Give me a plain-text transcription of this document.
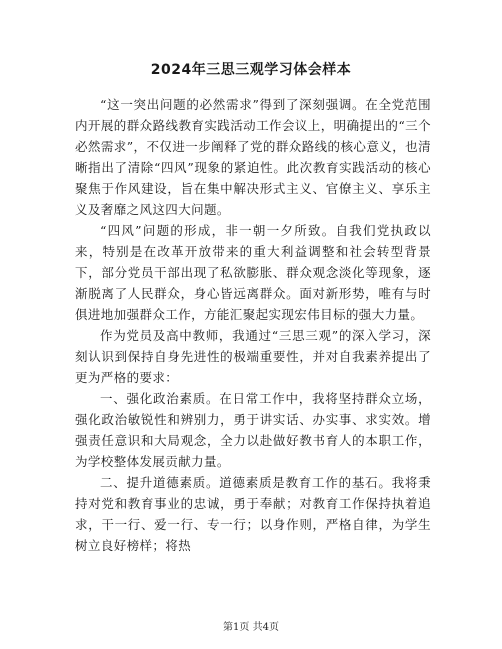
2024年三思三观学习体会样本

“这一突出问题的必然需求”得到了深刻强调。在全党范围内开展的群众路线教育实践活动工作会议上，明确提出的“三个必然需求”，不仅进一步阐释了党的群众路线的核心意义，也清晰指出了清除“四风”现象的紧迫性。此次教育实践活动的核心聚焦于作风建设，旨在集中解决形式主义、官僚主义、享乐主义及奢靡之风这四大问题。

“四风”问题的形成，非一朝一夕所致。自我们党执政以来，特别是在改革开放带来的重大利益调整和社会转型背景下，部分党员干部出现了私欲膨胀、群众观念淡化等现象，逐渐脱离了人民群众，身心皆远离群众。面对新形势，唯有与时俱进地加强群众工作，方能汇聚起实现宏伟目标的强大力量。

作为党员及高中教师，我通过“三思三观”的深入学习，深刻认识到保持自身先进性的极端重要性，并对自我素养提出了更为严格的要求：

一、强化政治素质。在日常工作中，我将坚持群众立场，强化政治敏锐性和辨别力，勇于讲实话、办实事、求实效。增强责任意识和大局观念，全力以赴做好教书育人的本职工作，为学校整体发展贡献力量。

二、提升道德素质。道德素质是教育工作的基石。我将秉持对党和教育事业的忠诚，勇于奉献；对教育工作保持执着追求，干一行、爱一行、专一行；以身作则，严格自律，为学生树立良好榜样；将热

第1页 共4页
